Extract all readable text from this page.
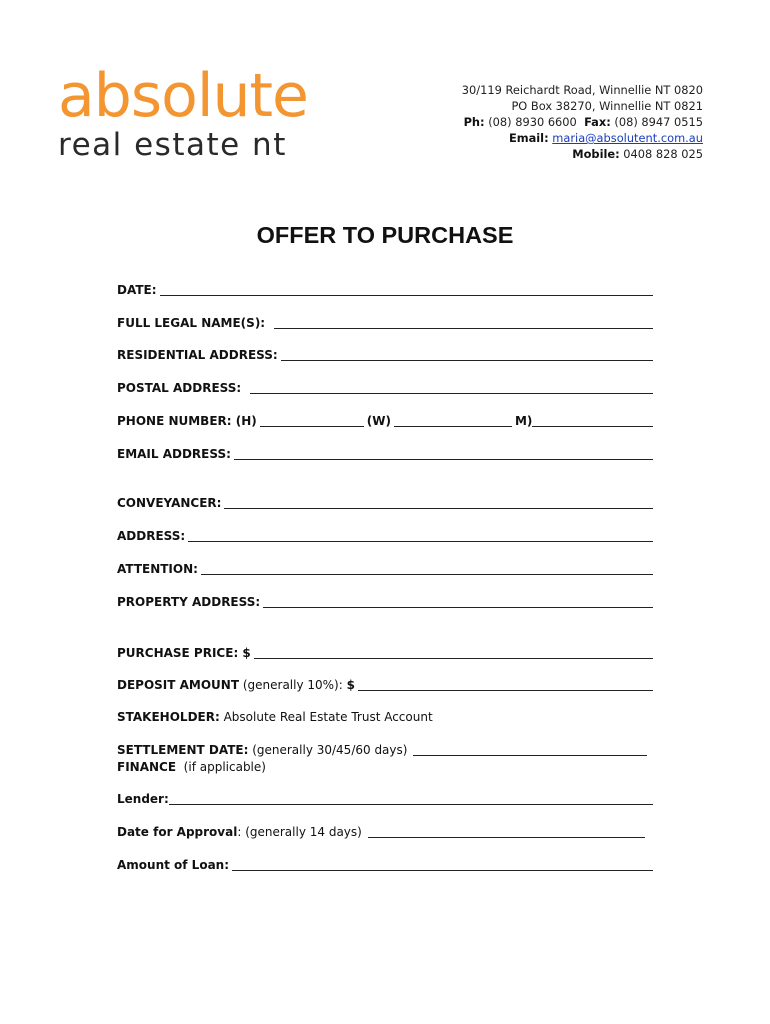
absolute
real estate nt
30/119 Reichardt Road, Winnellie NT 0820
PO Box 38270, Winnellie NT 0821
Ph: (08) 8930 6600 Fax: (08) 8947 0515
Email: maria@absolutent.com.au
Mobile: 0408 828 025
OFFER TO PURCHASE
DATE:
FULL LEGAL NAME(S):
RESIDENTIAL ADDRESS:
POSTAL ADDRESS:
PHONE NUMBER: (H)	(W)	M)
EMAIL ADDRESS:
CONVEYANCER:
ADDRESS:
ATTENTION:
PROPERTY ADDRESS:
PURCHASE PRICE: $
DEPOSIT AMOUNT (generally 10%): $
STAKEHOLDER: Absolute Real Estate Trust Account
SETTLEMENT DATE: (generally 30/45/60 days)
FINANCE (if applicable)
Lender:
Date for Approval : (generally 14 days)
Amount of Loan:
